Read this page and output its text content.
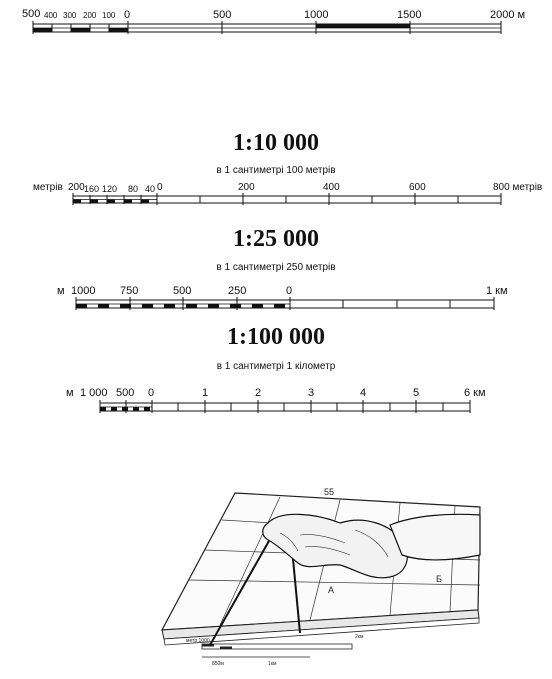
500 400 300 200 100 0	500	1000	1500	2000 м
1:10 000
в 1 сантиметрі 100 метрів
метрів 200 160 120 80 40 0	200	400	600	800 метрів
1:25 000
в 1 сантиметрі 250 метрів
м 1000 750	500	250	0	1 км
1:100 000
в 1 сантиметрі 1 кілометр
м 1 000 500 0	1	2	3	4	5	6 км
55
A
Б
метр 1000
850м	1км
2км
